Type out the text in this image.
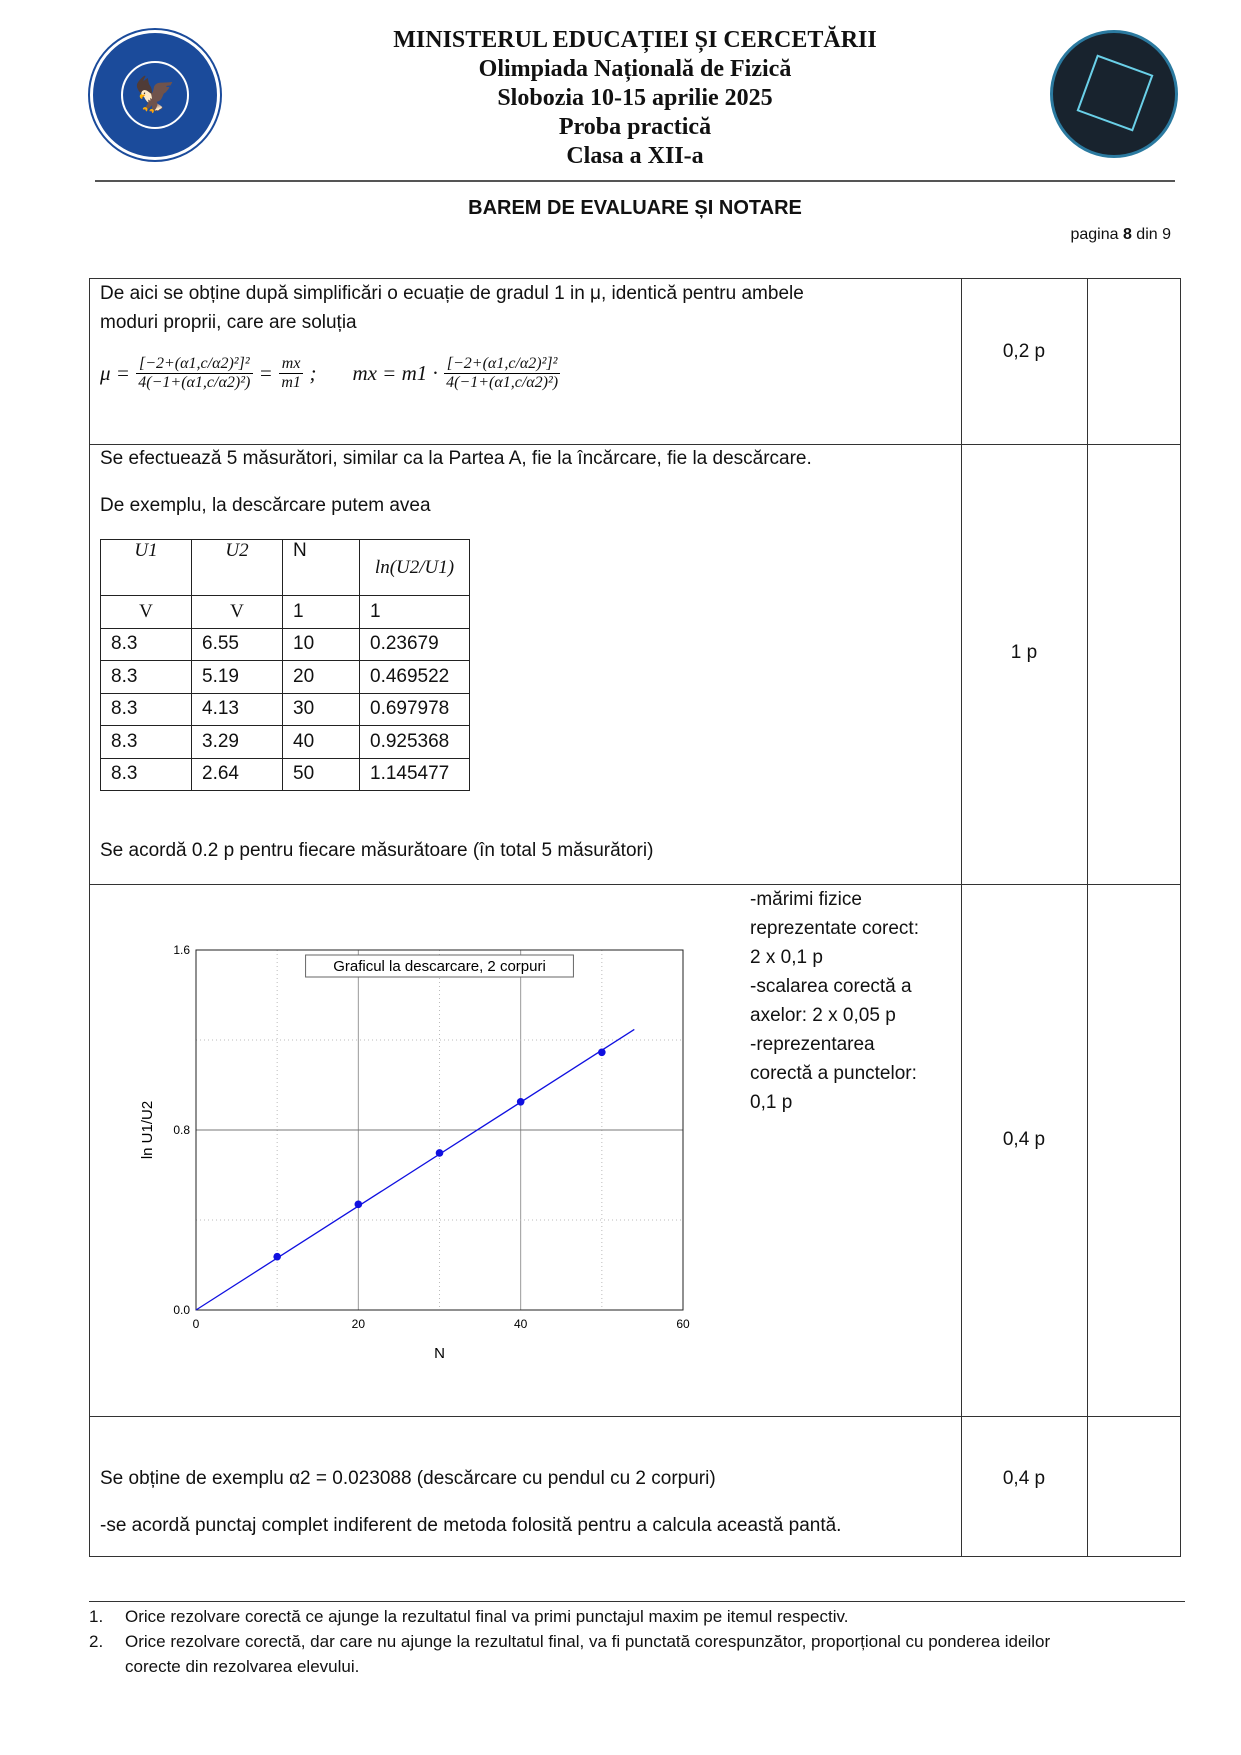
🦅
MINISTERUL EDUCAȚIEI ȘI CERCETĂRII
Olimpiada Națională de Fizică
Slobozia 10-15 aprilie 2025
Proba practică
Clasa a XII-a
BAREM DE EVALUARE ȘI NOTARE
pagina 8 din 9
De aici se obține după simplificări o ecuație de gradul 1 in μ, identică pentru ambele
moduri proprii, care are soluția
$\mu = \frac{\text{[−2+(α1,c/α2)²]²}}{\text{4(−1+(α1,c/α2)²)}} = \frac{mx}{m1}$ ; mx = $m1 \cdot \frac{\text{[−2+(α1,c/α2)²]²}}{\text{4(−1+(α1,c/α2)²)}}$
0,2 p
Se efectuează 5 măsurători, similar ca la Partea A, fie la încărcare, fie la descărcare.
De exemplu, la descărcare putem avea
U1	U2	N	ln(U2/U1)
V	V	1	1
8.3	6.55	10	0.23679
8.3	5.19	20	0.469522
8.3	4.13	30	0.697978
8.3	3.29	40	0.925368
8.3	2.64	50	1.145477
Se acordă 0.2 p pentru fiecare măsurătoare (în total 5 măsurători)
1 p
0	20	40	60
0.0
0.8
1.6
N
ln U1/U2
Graficul la descarcare, 2 corpuri
-mărimi fizice
reprezentate corect:
2 x 0,1 p
-scalarea corectă a
axelor: 2 x 0,05 p
-reprezentarea
corectă a punctelor:
0,1 p
0,4 p
Se obține de exemplu α2 = 0.023088 (descărcare cu pendul cu 2 corpuri)
-se acordă punctaj complet indiferent de metoda folosită pentru a calcula această pantă.
0,4 p
1. Orice rezolvare corectă ce ajunge la rezultatul final va primi punctajul maxim pe itemul respectiv.
2. Orice rezolvare corectă, dar care nu ajunge la rezultatul final, va fi punctată corespunzător, proporțional cu ponderea ideilor
corecte din rezolvarea elevului.
